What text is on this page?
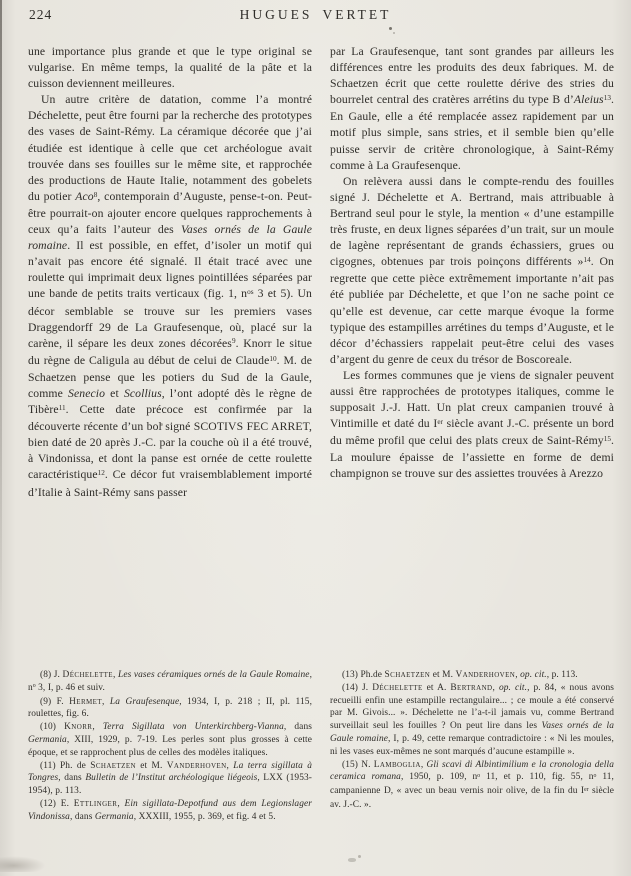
224	HUGUES VERTET

une importance plus grande et que le type original se vulgarise. En même temps, la qualité de la pâte et la cuisson deviennent meilleures.

Un autre critère de datation, comme l’a montré Déchelette, peut être fourni par la recherche des prototypes des vases de Saint-Rémy. La céramique décorée que j’ai étudiée est identique à celle que cet archéologue avait trouvée dans ses fouilles sur le même site, et rapprochée des productions de Haute Italie, notamment des gobelets du potier Aco$^8$, contemporain d’Auguste, pense-t-on. Peut-être pourrait-on ajouter encore quelques rapprochements à ceux qu’a faits l’auteur des Vases ornés de la Gaule romaine. Il est possible, en effet, d’isoler un motif qui n’avait pas encore été signalé. Il était tracé avec une roulette qui imprimait deux lignes pointillées séparées par une bande de petits traits verticaux (fig. 1, $n^{os}$ 3 et 5). Un décor semblable se trouve sur les premiers vases Draggendorff 29 de La Graufesenque, où, placé sur la carène, il sépare les deux zones décorées$^9$. Knorr le situe du règne de Caligula au début de celui de Claude$^{10}$. M. de Schaetzen pense que les potiers du Sud de la Gaule, comme Senecio et Scollius, l’ont adopté dès le règne de Tibère$^{11}$. Cette date précoce est confirmée par la découverte récente d’un bol signé SCOTIVS FEC ARRET, bien daté de 20 après J.-C. par la couche où il a été trouvé, à Vindonissa, et dont la panse est ornée de cette roulette caractéristique$^{12}$. Ce décor fut vraisemblablement importé d’Italie à Saint-Rémy sans passer

par La Graufesenque, tant sont grandes par ailleurs les différences entre les produits des deux fabriques. M. de Schaetzen écrit que cette roulette dérive des stries du bourrelet central des cratères arrétins du type B d’Aleius$^{13}$. En Gaule, elle a été remplacée assez rapidement par un motif plus simple, sans stries, et il semble bien qu’elle puisse servir de critère chronologique, à Saint-Rémy comme à La Graufesenque.

On relèvera aussi dans le compte-rendu des fouilles signé J. Déchelette et A. Bertrand, mais attribuable à Bertrand seul pour le style, la mention « d’une estampille très fruste, en deux lignes séparées d’un trait, sur un moule de lagène représentant de grands échassiers, grues ou cigognes, obtenues par trois poinçons différents »$^{14}$. On regrette que cette pièce extrêmement importante n’ait pas été publiée par Déchelette, et que l’on ne sache point ce qu’elle est devenue, car cette marque évoque la forme typique des estampilles arrétines du temps d’Auguste, et le décor d’échassiers rappelait peut-être celui des vases d’argent du genre de ceux du trésor de Boscoreale.

Les formes communes que je viens de signaler peuvent aussi être rapprochées de prototypes italiques, comme le supposait J.-J. Hatt. Un plat creux campanien trouvé à Vintimille et daté du Ier siècle avant J.-C. présente un bord du même profil que celui des plats creux de Saint-Rémy$^{15}$. La moulure épaisse de l’assiette en forme de demi champignon se trouve sur des assiettes trouvées à Arezzo

(8) J. Déchelette, Les vases céramiques ornés de la Gaule Romaine, $n^o$ 3, I, p. 46 et suiv.

(9) F. Hermet, La Graufesenque, 1934, I, p. 218 ; II, pl. 115, roulettes, fig. 6.

(10) Knorr, Terra Sigillata von Unterkirchberg-Vianna, dans Germania, XIII, 1929, p. 7-19. Les perles sont plus grosses à cette époque, et se rapprochent plus de celles des modèles italiques.

(11) Ph. de Schaetzen et M. Vanderhoven, La terra sigillata à Tongres, dans Bulletin de l’Institut archéologique liégeois, LXX (1953-1954), p. 113.

(12) E. Ettlinger, Ein sigillata-Depotfund aus dem Legionslager Vindonissa, dans Germania, XXXIII, 1955, p. 369, et fig. 4 et 5.

(13) Ph.de Schaetzen et M. Vanderhoven, op. cit., p. 113.

(14) J. Déchelette et A. Bertrand, op. cit., p. 84, « nous avons recueilli enfin une estampille rectangulaire... ; ce moule a été conservé par M. Givois... ». Déchelette ne l’a-t-il jamais vu, comme Bertrand surveillait seul les fouilles ? On peut lire dans les Vases ornés de la Gaule romaine, I, p. 49, cette remarque contradictoire : « Ni les moules, ni les vases eux-mêmes ne sont marqués d’aucune estampille ».

(15) N. Lamboglia, Gli scavi di Albintimilium e la cronologia della ceramica romana, 1950, p. 109, $n^o$ 11, et p. 110, fig. 55, $n^o$ 11, campanienne D, « avec un beau vernis noir olive, de la fin du Ier siècle av. J.-C. ».
